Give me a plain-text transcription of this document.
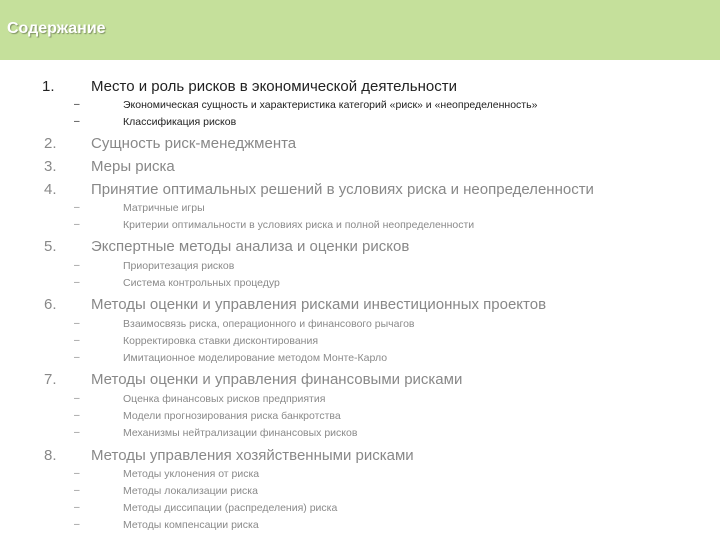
Содержание
1. Место и роль рисков в экономической деятельности
–	Экономическая сущность и характеристика категорий «риск» и «неопределенность»
–	Классификация рисков
2. Сущность риск-менеджмента
3. Меры риска
4. Принятие оптимальных решений в условиях риска и неопределенности
–	Матричные игры
–	Критерии оптимальности в условиях риска и полной неопределенности
5. Экспертные методы анализа и оценки рисков
–	Приоритезация рисков
–	Система контрольных процедур
6. Методы оценки и управления рисками инвестиционных проектов
–	Взаимосвязь риска, операционного и финансового рычагов
–	Корректировка ставки дисконтирования
–	Имитационное моделирование методом Монте-Карло
7. Методы оценки и управления финансовыми рисками
–	Оценка финансовых рисков предприятия
–	Модели прогнозирования риска банкротства
–	Механизмы нейтрализации финансовых рисков
8. Методы управления хозяйственными рисками
–	Методы уклонения от риска
–	Методы локализации риска
–	Методы диссипации (распределения) риска
–	Методы компенсации риска
